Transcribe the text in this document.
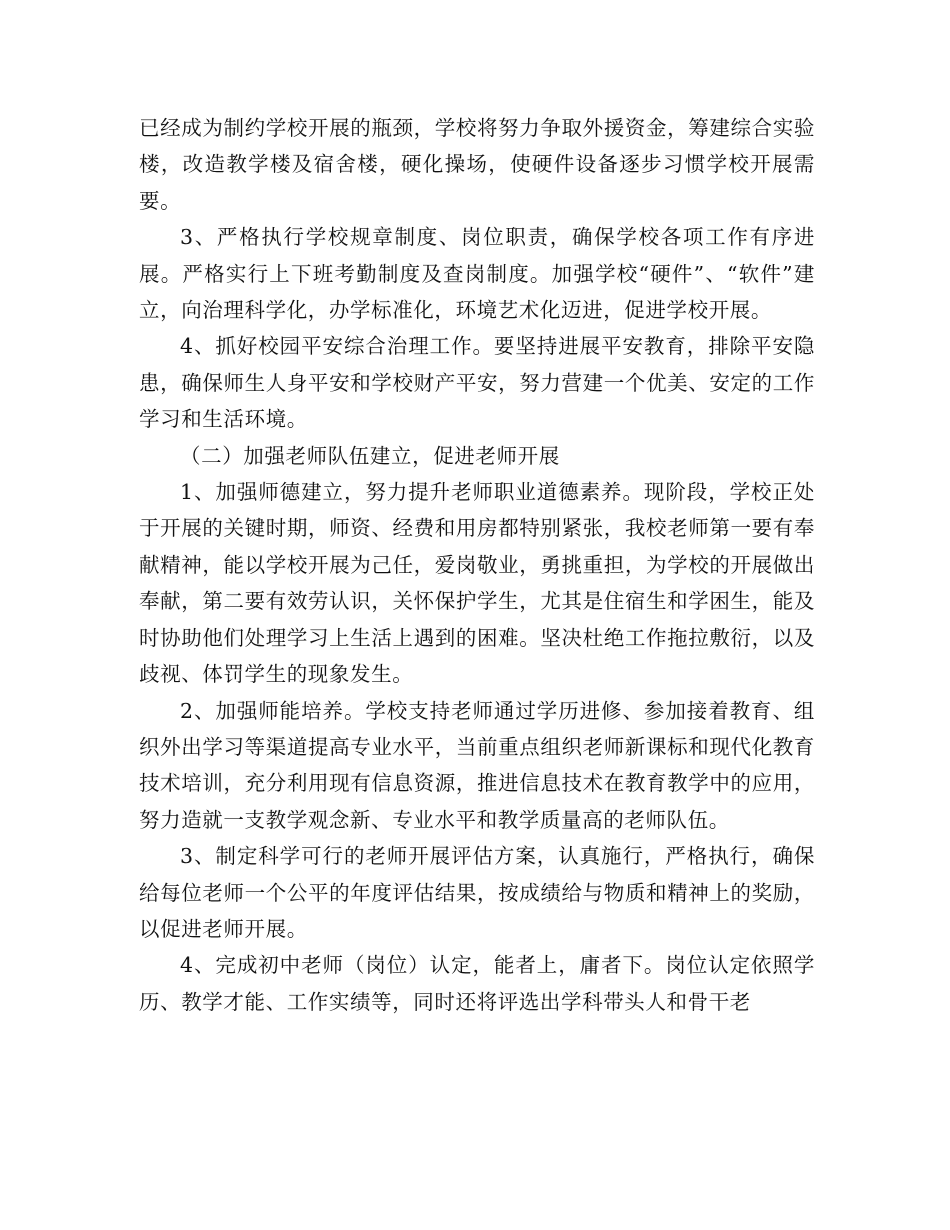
已经成为制约学校开展的瓶颈，学校将努力争取外援资金，筹建综合实验楼，改造教学楼及宿舍楼，硬化操场，使硬件设备逐步习惯学校开展需要。

3、严格执行学校规章制度、岗位职责，确保学校各项工作有序进展。严格实行上下班考勤制度及查岗制度。加强学校“硬件”、“软件”建立，向治理科学化，办学标准化，环境艺术化迈进，促进学校开展。

4、抓好校园平安综合治理工作。要坚持进展平安教育，排除平安隐患，确保师生人身平安和学校财产平安，努力营建一个优美、安定的工作学习和生活环境。

（二）加强老师队伍建立，促进老师开展

1、加强师德建立，努力提升老师职业道德素养。现阶段，学校正处于开展的关键时期，师资、经费和用房都特别紧张，我校老师第一要有奉献精神，能以学校开展为己任，爱岗敬业，勇挑重担，为学校的开展做出奉献，第二要有效劳认识，关怀保护学生，尤其是住宿生和学困生，能及时协助他们处理学习上生活上遇到的困难。坚决杜绝工作拖拉敷衍，以及歧视、体罚学生的现象发生。

2、加强师能培养。学校支持老师通过学历进修、参加接着教育、组织外出学习等渠道提高专业水平，当前重点组织老师新课标和现代化教育技术培训，充分利用现有信息资源，推进信息技术在教育教学中的应用，努力造就一支教学观念新、专业水平和教学质量高的老师队伍。

3、制定科学可行的老师开展评估方案，认真施行，严格执行，确保给每位老师一个公平的年度评估结果，按成绩给与物质和精神上的奖励，以促进老师开展。

4、完成初中老师（岗位）认定，能者上，庸者下。岗位认定依照学历、教学才能、工作实绩等，同时还将评选出学科带头人和骨干老
